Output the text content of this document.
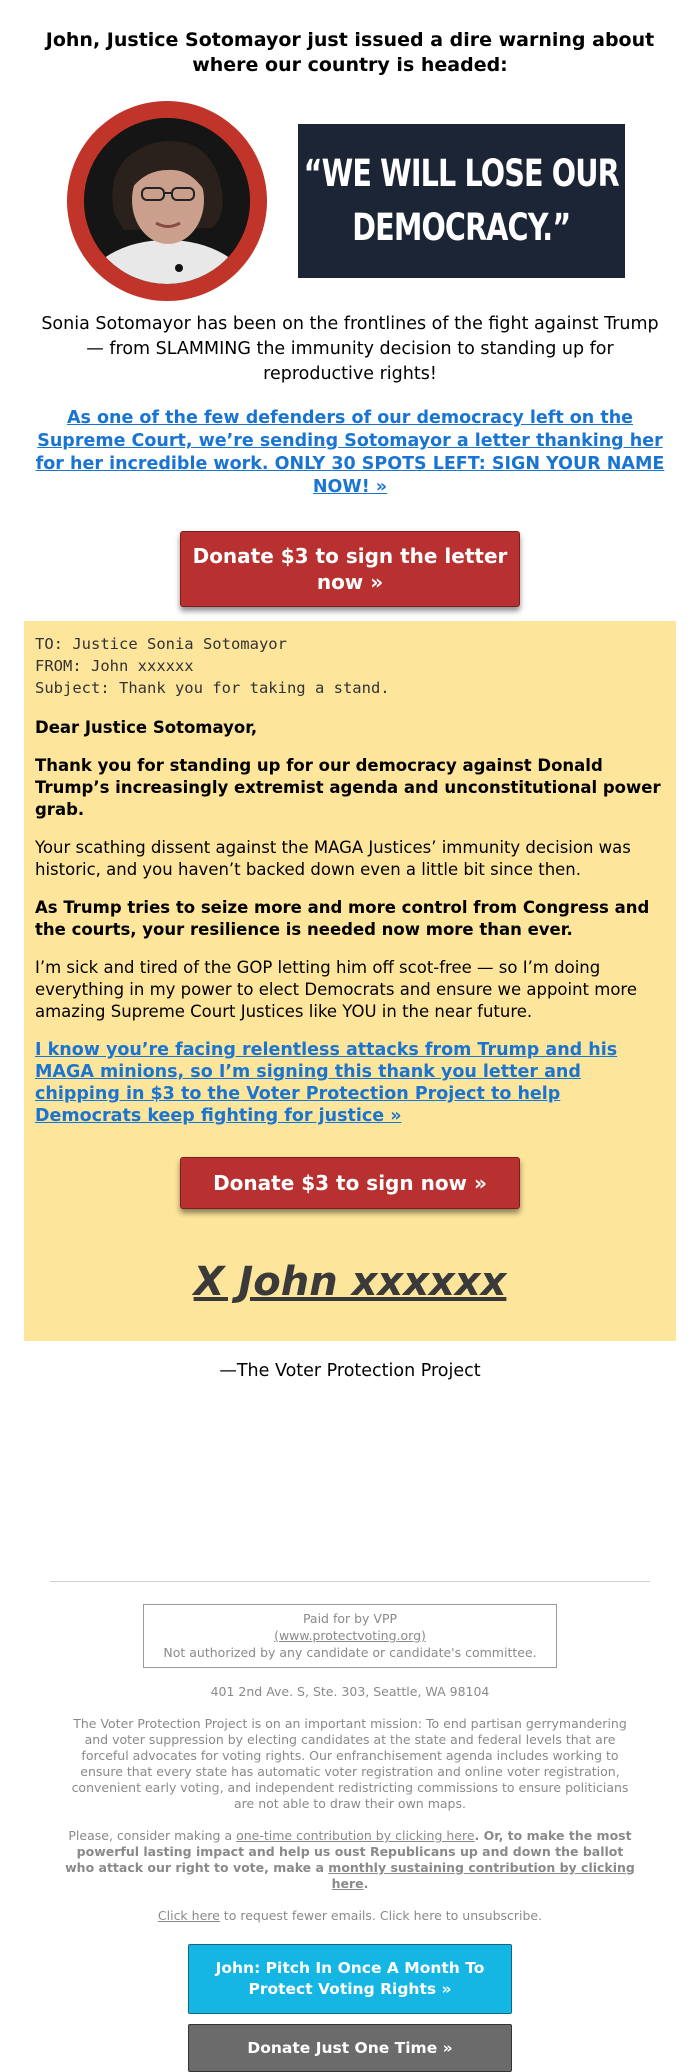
John, Justice Sotomayor just issued a dire warning about where our country is headed:
“WE WILL LOSE OUR
DEMOCRACY.”

Sonia Sotomayor has been on the frontlines of the fight against Trump — from SLAMMING the immunity decision to standing up for reproductive rights!

As one of the few defenders of our democracy left on the Supreme Court, we’re sending Sotomayor a letter thanking her for her incredible work. ONLY 30 SPOTS LEFT: SIGN YOUR NAME NOW! »
Donate $3 to sign the letter now »
TO: Justice Sonia Sotomayor
FROM: John xxxxxx
Subject: Thank you for taking a stand.

Dear Justice Sotomayor,

Thank you for standing up for our democracy against Donald Trump’s increasingly extremist agenda and unconstitutional power grab.

Your scathing dissent against the MAGA Justices’ immunity decision was historic, and you haven’t backed down even a little bit since then.

As Trump tries to seize more and more control from Congress and the courts, your resilience is needed now more than ever.

I’m sick and tired of the GOP letting him off scot-free — so I’m doing everything in my power to elect Democrats and ensure we appoint more amazing Supreme Court Justices like YOU in the near future.

I know you’re facing relentless attacks from Trump and his MAGA minions, so I’m signing this thank you letter and chipping in $3 to the Voter Protection Project to help Democrats keep fighting for justice »
Donate $3 to sign now »
X John xxxxxx
—The Voter Protection Project
Paid for by VPP
(www.protectvoting.org)
Not authorized by any candidate or candidate's committee.
401 2nd Ave. S, Ste. 303, Seattle, WA 98104
The Voter Protection Project is on an important mission: To end partisan gerrymandering and voter suppression by electing candidates at the state and federal levels that are forceful advocates for voting rights. Our enfranchisement agenda includes working to ensure that every state has automatic voter registration and online voter registration, convenient early voting, and independent redistricting commissions to ensure politicians are not able to draw their own maps.
Please, consider making a one-time contribution by clicking here. Or, to make the most powerful lasting impact and help us oust Republicans up and down the ballot who attack our right to vote, make a monthly sustaining contribution by clicking here.
Click here to request fewer emails. Click here to unsubscribe.
John: Pitch In Once A Month To Protect Voting Rights »
Donate Just One Time »
